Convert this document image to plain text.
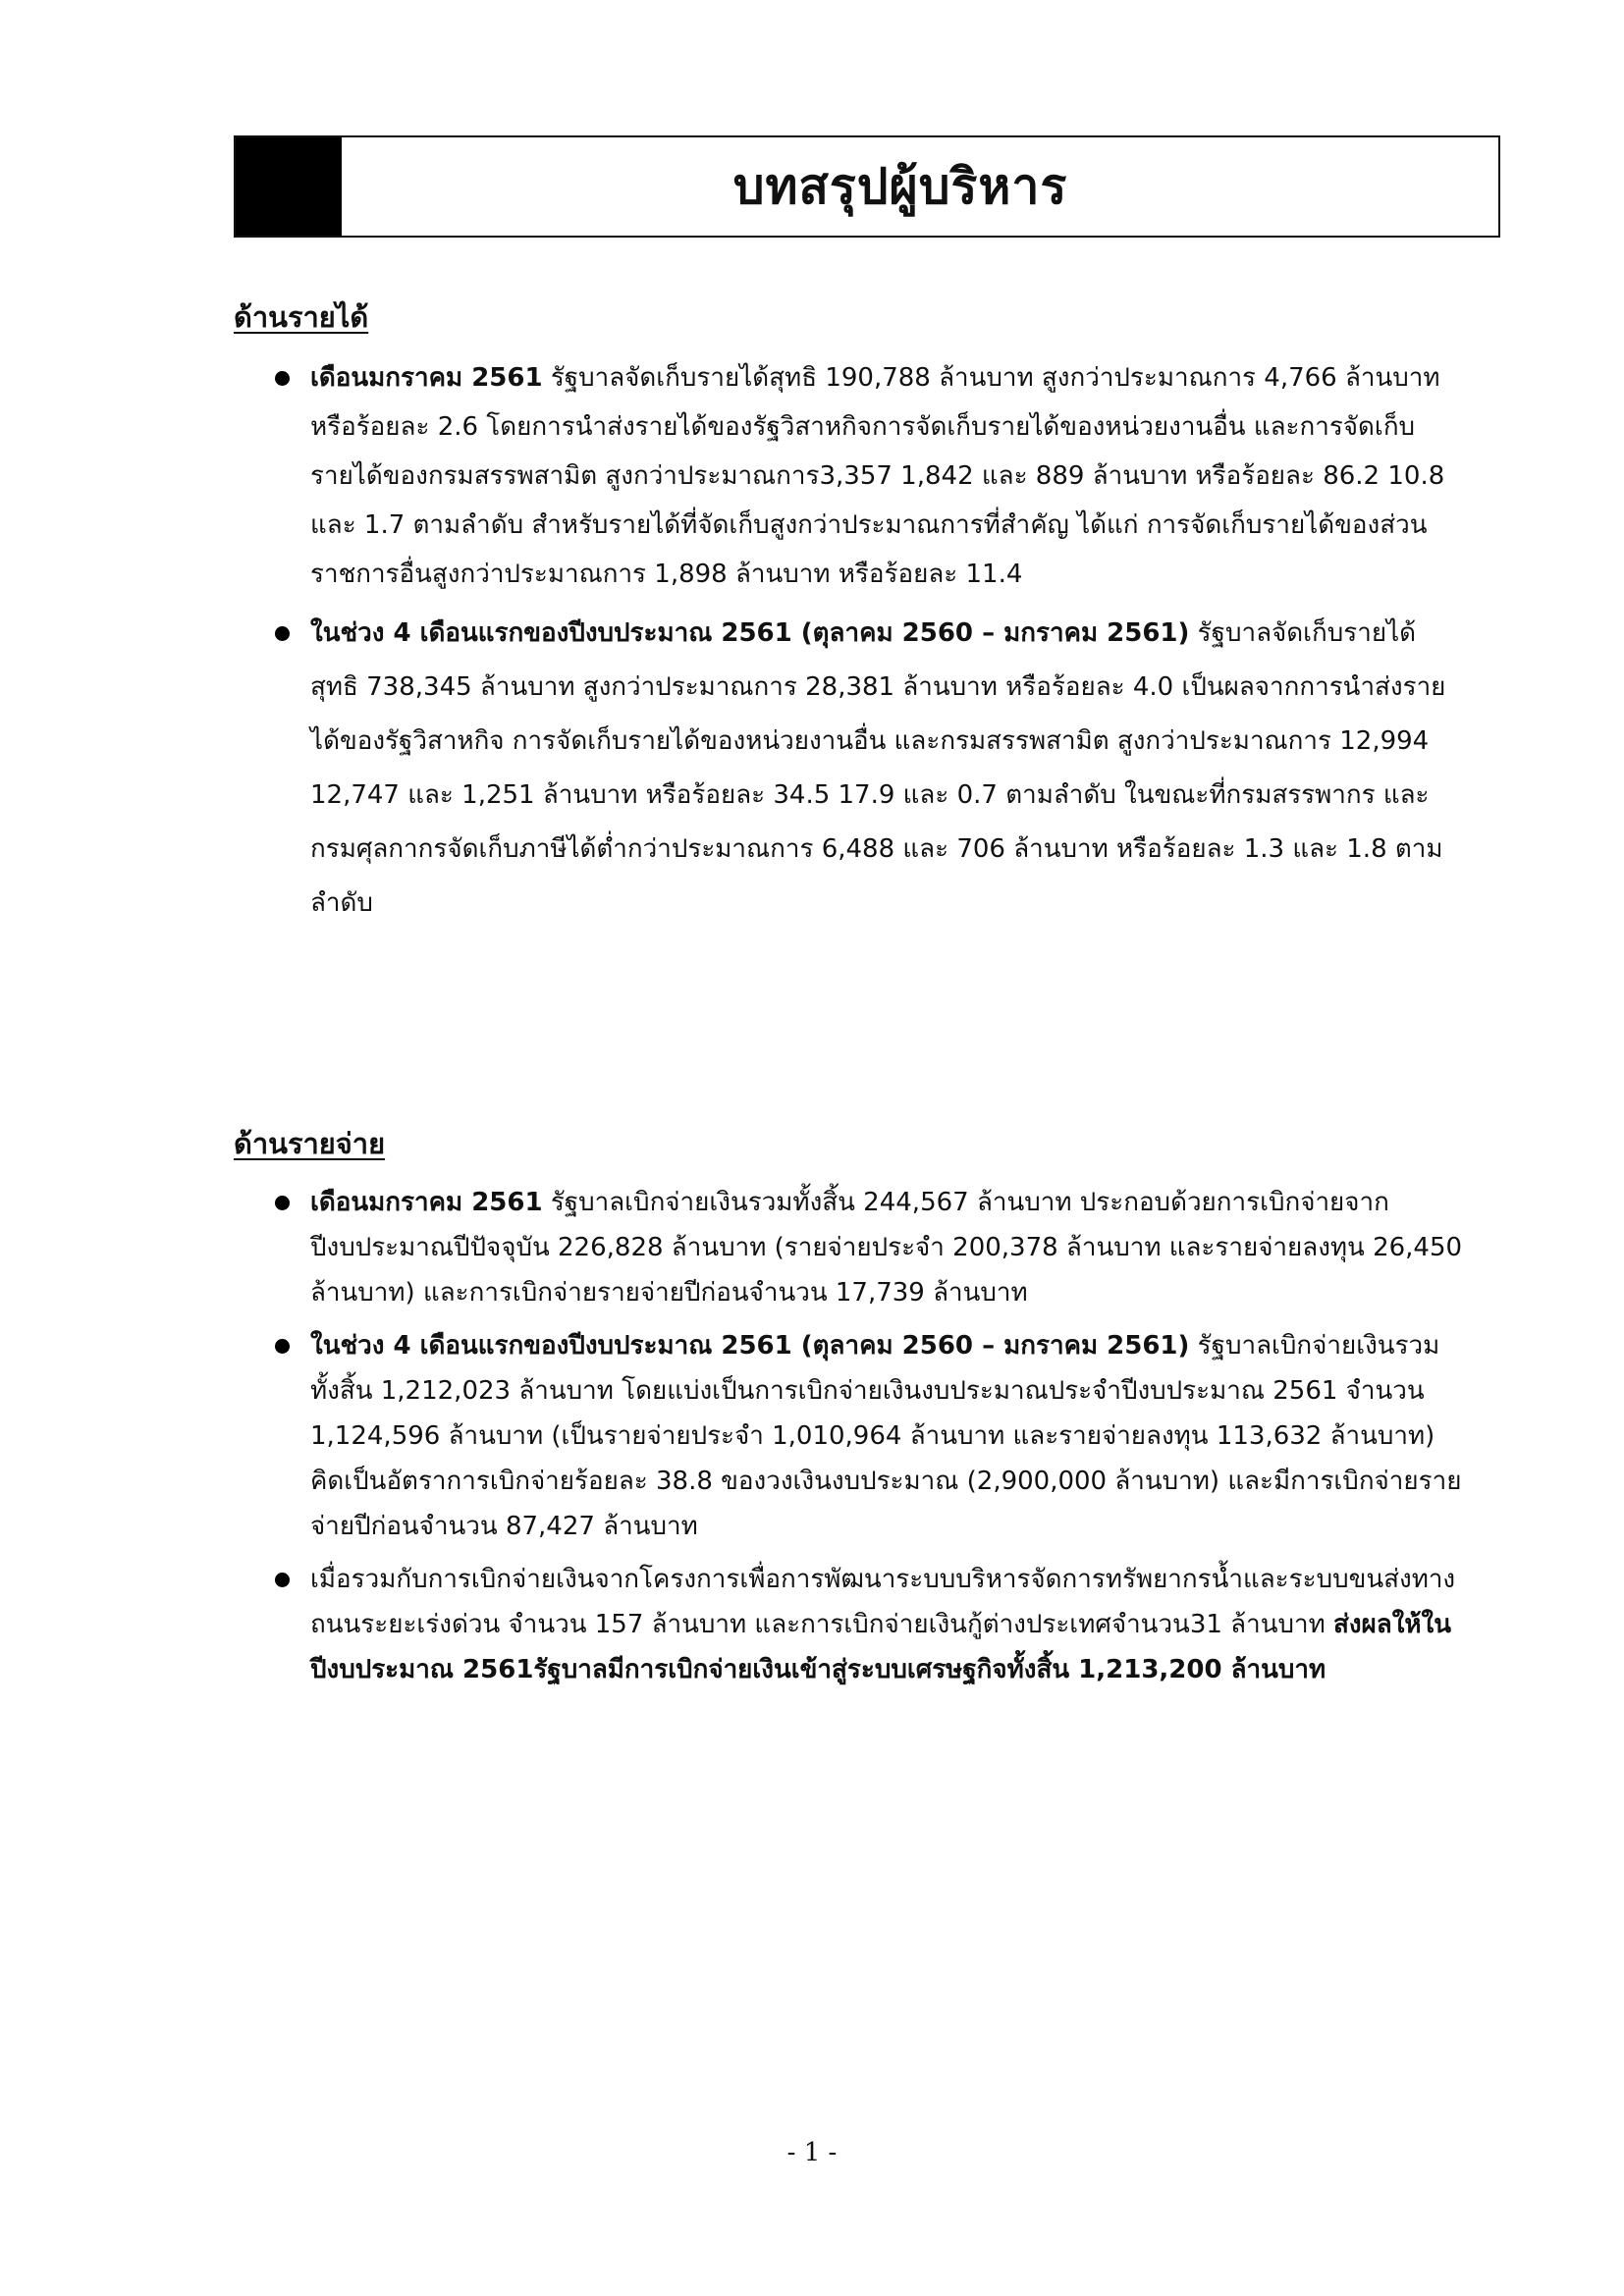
บทสรุปผู้บริหาร
ด้านรายได้
เดือนมกราคม 2561 รัฐบาลจัดเก็บรายได้สุทธิ 190,788 ล้านบาท สูงกว่าประมาณการ 4,766 ล้านบาท หรือร้อยละ 2.6 โดยการนำส่งรายได้ของรัฐวิสาหกิจการจัดเก็บรายได้ของหน่วยงานอื่น และการจัดเก็บรายได้ของกรมสรรพสามิต สูงกว่าประมาณการ3,357 1,842 และ 889 ล้านบาท หรือร้อยละ 86.2 10.8 และ 1.7 ตามลำดับ สำหรับรายได้ที่จัดเก็บสูงกว่าประมาณการที่สำคัญ ได้แก่ การจัดเก็บรายได้ของส่วนราชการอื่นสูงกว่าประมาณการ 1,898 ล้านบาท หรือร้อยละ 11.4
ในช่วง 4 เดือนแรกของปีงบประมาณ 2561 (ตุลาคม 2560 – มกราคม 2561) รัฐบาลจัดเก็บรายได้สุทธิ 738,345 ล้านบาท สูงกว่าประมาณการ 28,381 ล้านบาท หรือร้อยละ 4.0 เป็นผลจากการนำส่งรายได้ของรัฐวิสาหกิจ การจัดเก็บรายได้ของหน่วยงานอื่น และกรมสรรพสามิต สูงกว่าประมาณการ 12,994 12,747 และ 1,251 ล้านบาท หรือร้อยละ 34.5 17.9 และ 0.7 ตามลำดับ ในขณะที่กรมสรรพากร และกรมศุลกากรจัดเก็บภาษีได้ต่ำกว่าประมาณการ 6,488 และ 706 ล้านบาท หรือร้อยละ 1.3 และ 1.8 ตามลำดับ
ด้านรายจ่าย
เดือนมกราคม 2561 รัฐบาลเบิกจ่ายเงินรวมทั้งสิ้น 244,567 ล้านบาท ประกอบด้วยการเบิกจ่ายจากปีงบประมาณปีปัจจุบัน 226,828 ล้านบาท (รายจ่ายประจำ 200,378 ล้านบาท และรายจ่ายลงทุน 26,450 ล้านบาท) และการเบิกจ่ายรายจ่ายปีก่อนจำนวน 17,739 ล้านบาท
ในช่วง 4 เดือนแรกของปีงบประมาณ 2561 (ตุลาคม 2560 – มกราคม 2561) รัฐบาลเบิกจ่ายเงินรวมทั้งสิ้น 1,212,023 ล้านบาท โดยแบ่งเป็นการเบิกจ่ายเงินงบประมาณประจำปีงบประมาณ 2561 จำนวน 1,124,596 ล้านบาท (เป็นรายจ่ายประจำ 1,010,964 ล้านบาท และรายจ่ายลงทุน 113,632 ล้านบาท) คิดเป็นอัตราการเบิกจ่ายร้อยละ 38.8 ของวงเงินงบประมาณ (2,900,000 ล้านบาท) และมีการเบิกจ่ายรายจ่ายปีก่อนจำนวน 87,427 ล้านบาท
เมื่อรวมกับการเบิกจ่ายเงินจากโครงการเพื่อการพัฒนาระบบบริหารจัดการทรัพยากรน้ำและระบบขนส่งทางถนนระยะเร่งด่วน จำนวน 157 ล้านบาท และการเบิกจ่ายเงินกู้ต่างประเทศจำนวน31 ล้านบาท ส่งผลให้ในปีงบประมาณ 2561รัฐบาลมีการเบิกจ่ายเงินเข้าสู่ระบบเศรษฐกิจทั้งสิ้น 1,213,200 ล้านบาท
- 1 -
